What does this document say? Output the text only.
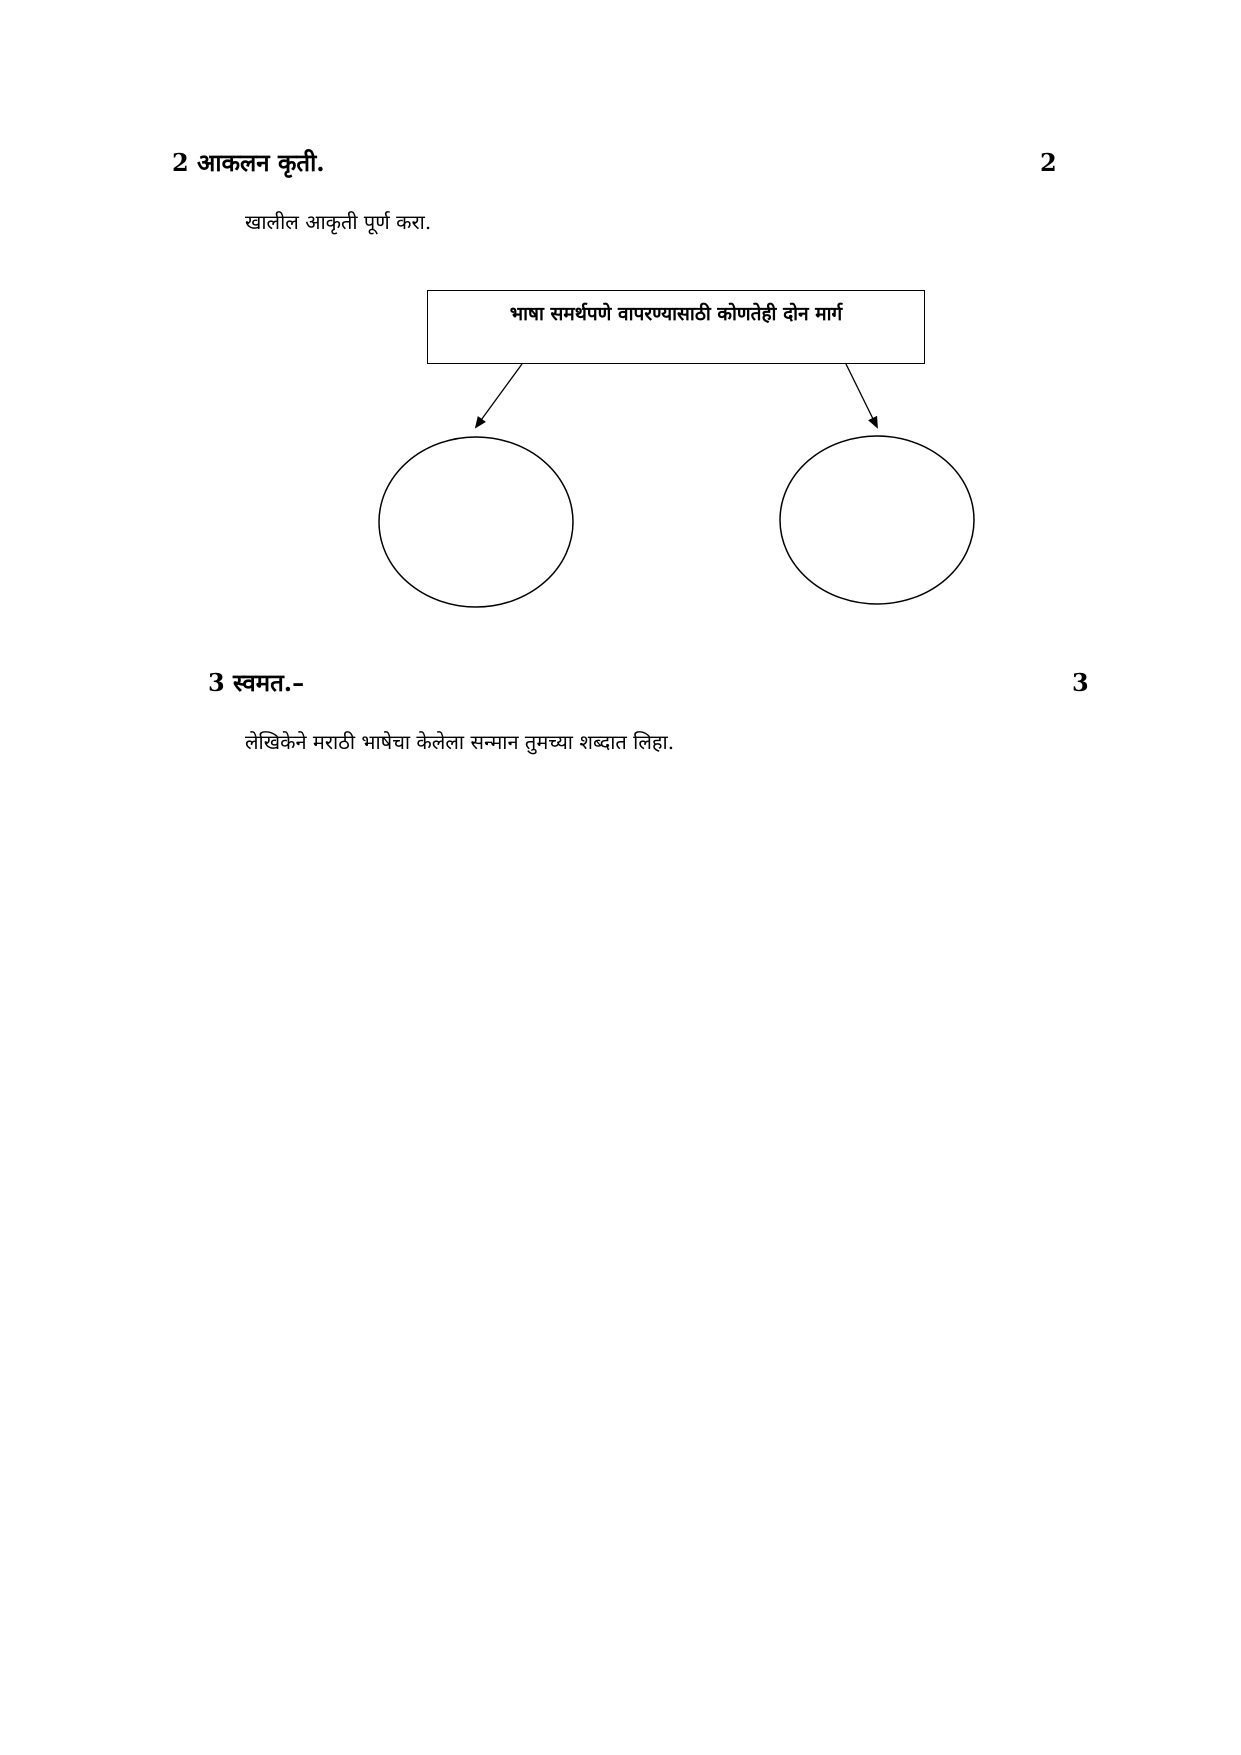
2 आकलन कृती.	2
खालील आकृती पूर्ण करा.
भाषा समर्थपणे वापरण्यासाठी कोणतेही दोन मार्ग
3 स्वमत.–	3
लेखिकेने मराठी भाषेचा केलेला सन्मान तुमच्या शब्दात लिहा.
